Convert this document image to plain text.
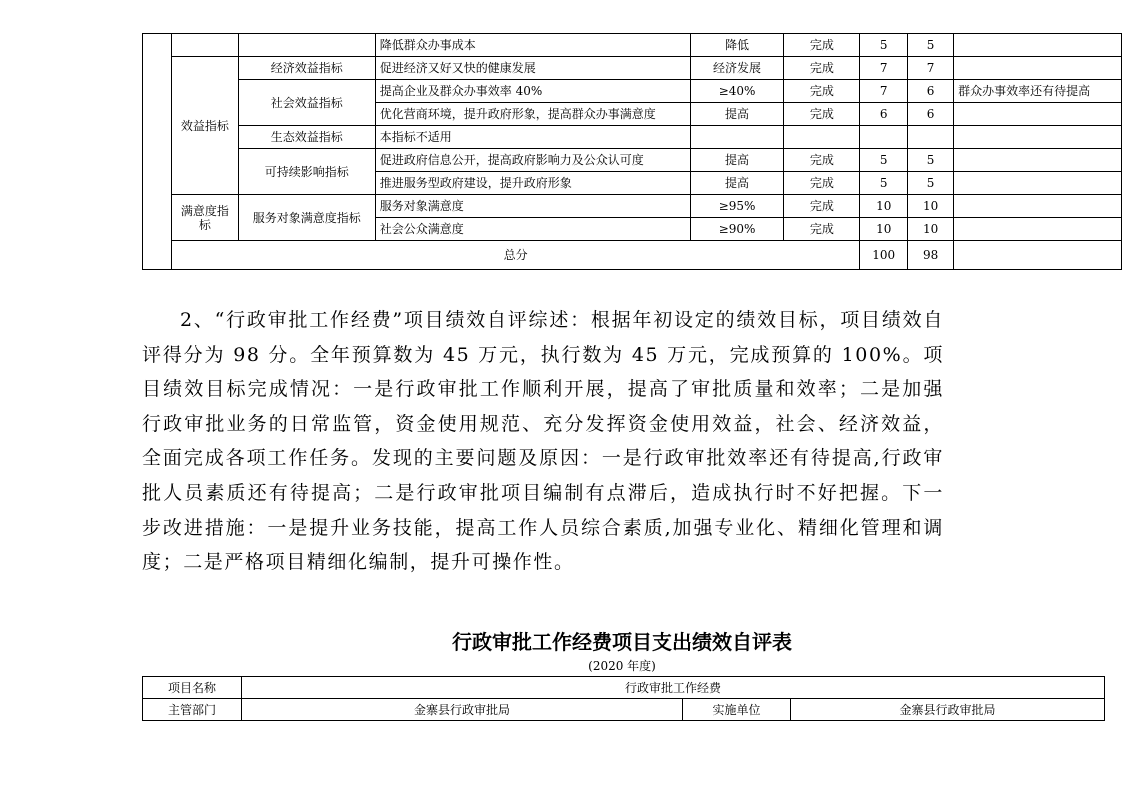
			降低群众办事成本	降低	完成	5	5	
	效益指标	经济效益指标	促进经济又好又快的健康发展	经济发展	完成	7	7	
		社会效益指标	提高企业及群众办事效率 40%	≥40%	完成	7	6	群众办事效率还有待提高
			优化营商环境，提升政府形象，提高群众办事满意度	提高	完成	6	6	
		生态效益指标	本指标不适用					
		可持续影响指标	促进政府信息公开，提高政府影响力及公众认可度	提高	完成	5	5	
			推进服务型政府建设，提升政府形象	提高	完成	5	5	
	满意度指标	服务对象满意度指标	服务对象满意度	≥95%	完成	10	10	
			社会公众满意度	≥90%	完成	10	10	
	总分					100	98	

2、“行政审批工作经费”项目绩效自评综述：根据年初设定的绩效目标，项目绩效自评得分为 98 分。全年预算数为 45 万元，执行数为 45 万元，完成预算的 100%。项目绩效目标完成情况：一是行政审批工作顺利开展，提高了审批质量和效率；二是加强行政审批业务的日常监管，资金使用规范、充分发挥资金使用效益，社会、经济效益，全面完成各项工作任务。发现的主要问题及原因：一是行政审批效率还有待提高,行政审批人员素质还有待提高；二是行政审批项目编制有点滞后，造成执行时不好把握。下一步改进措施：一是提升业务技能，提高工作人员综合素质,加强专业化、精细化管理和调度；二是严格项目精细化编制，提升可操作性。

行政审批工作经费项目支出绩效自评表
(2020 年度)
项目名称	行政审批工作经费		
主管部门	金寨县行政审批局	实施单位	金寨县行政审批局
